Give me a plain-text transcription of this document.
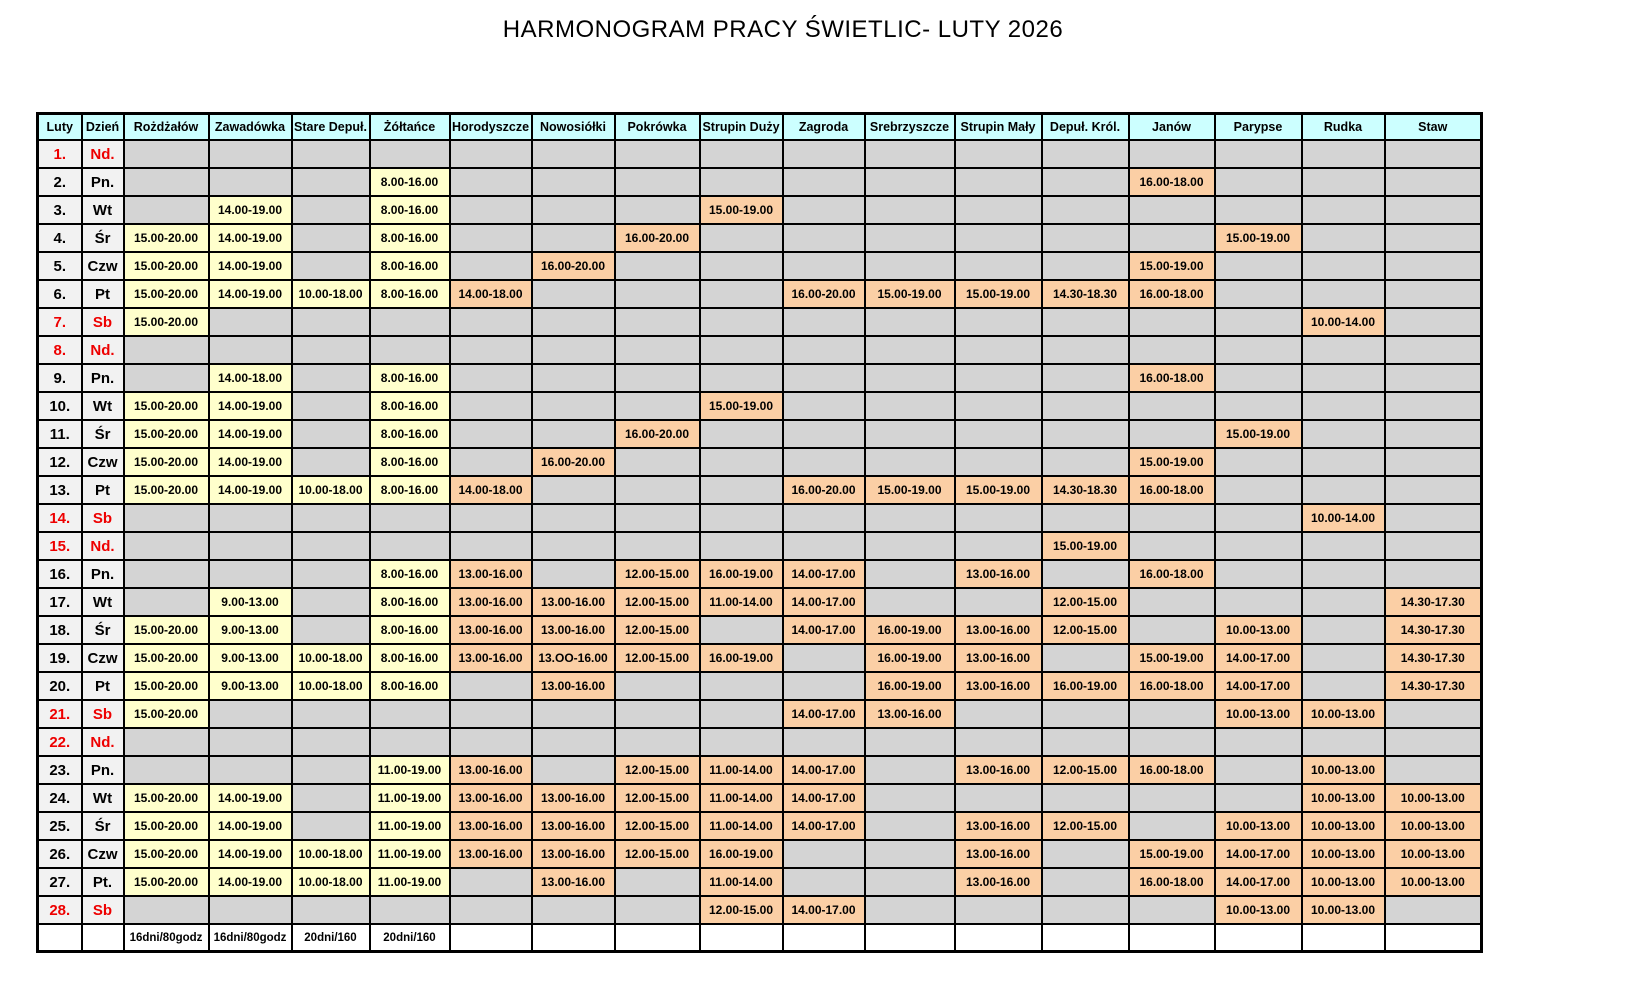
HARMONOGRAM PRACY ŚWIETLIC- LUTY 2026
Luty	Dzień	Rożdżałów	Zawadówka	Stare Depuł.	Żółtańce	Horodyszcze	Nowosiółki	Pokrówka	Strupin Duży	Zagroda	Srebrzyszcze	Strupin Mały	Depuł. Król.	Janów	Parypse	Rudka	Staw
1.	Nd.																
2.	Pn.				8.00-16.00									16.00-18.00			
3.	Wt		14.00-19.00		8.00-16.00				15.00-19.00								
4.	Śr	15.00-20.00	14.00-19.00		8.00-16.00			16.00-20.00							15.00-19.00		
5.	Czw	15.00-20.00	14.00-19.00		8.00-16.00		16.00-20.00							15.00-19.00			
6.	Pt	15.00-20.00	14.00-19.00	10.00-18.00	8.00-16.00	14.00-18.00				16.00-20.00	15.00-19.00	15.00-19.00	14.30-18.30	16.00-18.00			
7.	Sb	15.00-20.00														10.00-14.00	
8.	Nd.																
9.	Pn.		14.00-18.00		8.00-16.00									16.00-18.00			
10.	Wt	15.00-20.00	14.00-19.00		8.00-16.00				15.00-19.00								
11.	Śr	15.00-20.00	14.00-19.00		8.00-16.00			16.00-20.00							15.00-19.00		
12.	Czw	15.00-20.00	14.00-19.00		8.00-16.00		16.00-20.00							15.00-19.00			
13.	Pt	15.00-20.00	14.00-19.00	10.00-18.00	8.00-16.00	14.00-18.00				16.00-20.00	15.00-19.00	15.00-19.00	14.30-18.30	16.00-18.00			
14.	Sb															10.00-14.00	
15.	Nd.												15.00-19.00				
16.	Pn.				8.00-16.00	13.00-16.00		12.00-15.00	16.00-19.00	14.00-17.00		13.00-16.00		16.00-18.00			
17.	Wt		9.00-13.00		8.00-16.00	13.00-16.00	13.00-16.00	12.00-15.00	11.00-14.00	14.00-17.00			12.00-15.00				14.30-17.30
18.	Śr	15.00-20.00	9.00-13.00		8.00-16.00	13.00-16.00	13.00-16.00	12.00-15.00		14.00-17.00	16.00-19.00	13.00-16.00	12.00-15.00		10.00-13.00		14.30-17.30
19.	Czw	15.00-20.00	9.00-13.00	10.00-18.00	8.00-16.00	13.00-16.00	13.OO-16.00	12.00-15.00	16.00-19.00		16.00-19.00	13.00-16.00		15.00-19.00	14.00-17.00		14.30-17.30
20.	Pt	15.00-20.00	9.00-13.00	10.00-18.00	8.00-16.00		13.00-16.00				16.00-19.00	13.00-16.00	16.00-19.00	16.00-18.00	14.00-17.00		14.30-17.30
21.	Sb	15.00-20.00								14.00-17.00	13.00-16.00				10.00-13.00	10.00-13.00	
22.	Nd.																
23.	Pn.				11.00-19.00	13.00-16.00		12.00-15.00	11.00-14.00	14.00-17.00		13.00-16.00	12.00-15.00	16.00-18.00		10.00-13.00	
24.	Wt	15.00-20.00	14.00-19.00		11.00-19.00	13.00-16.00	13.00-16.00	12.00-15.00	11.00-14.00	14.00-17.00						10.00-13.00	10.00-13.00
25.	Śr	15.00-20.00	14.00-19.00		11.00-19.00	13.00-16.00	13.00-16.00	12.00-15.00	11.00-14.00	14.00-17.00		13.00-16.00	12.00-15.00		10.00-13.00	10.00-13.00	10.00-13.00
26.	Czw	15.00-20.00	14.00-19.00	10.00-18.00	11.00-19.00	13.00-16.00	13.00-16.00	12.00-15.00	16.00-19.00			13.00-16.00		15.00-19.00	14.00-17.00	10.00-13.00	10.00-13.00
27.	Pt.	15.00-20.00	14.00-19.00	10.00-18.00	11.00-19.00		13.00-16.00		11.00-14.00			13.00-16.00		16.00-18.00	14.00-17.00	10.00-13.00	10.00-13.00
28.	Sb								12.00-15.00	14.00-17.00					10.00-13.00	10.00-13.00	
		16dni/80godz	16dni/80godz	20dni/160	20dni/160												
